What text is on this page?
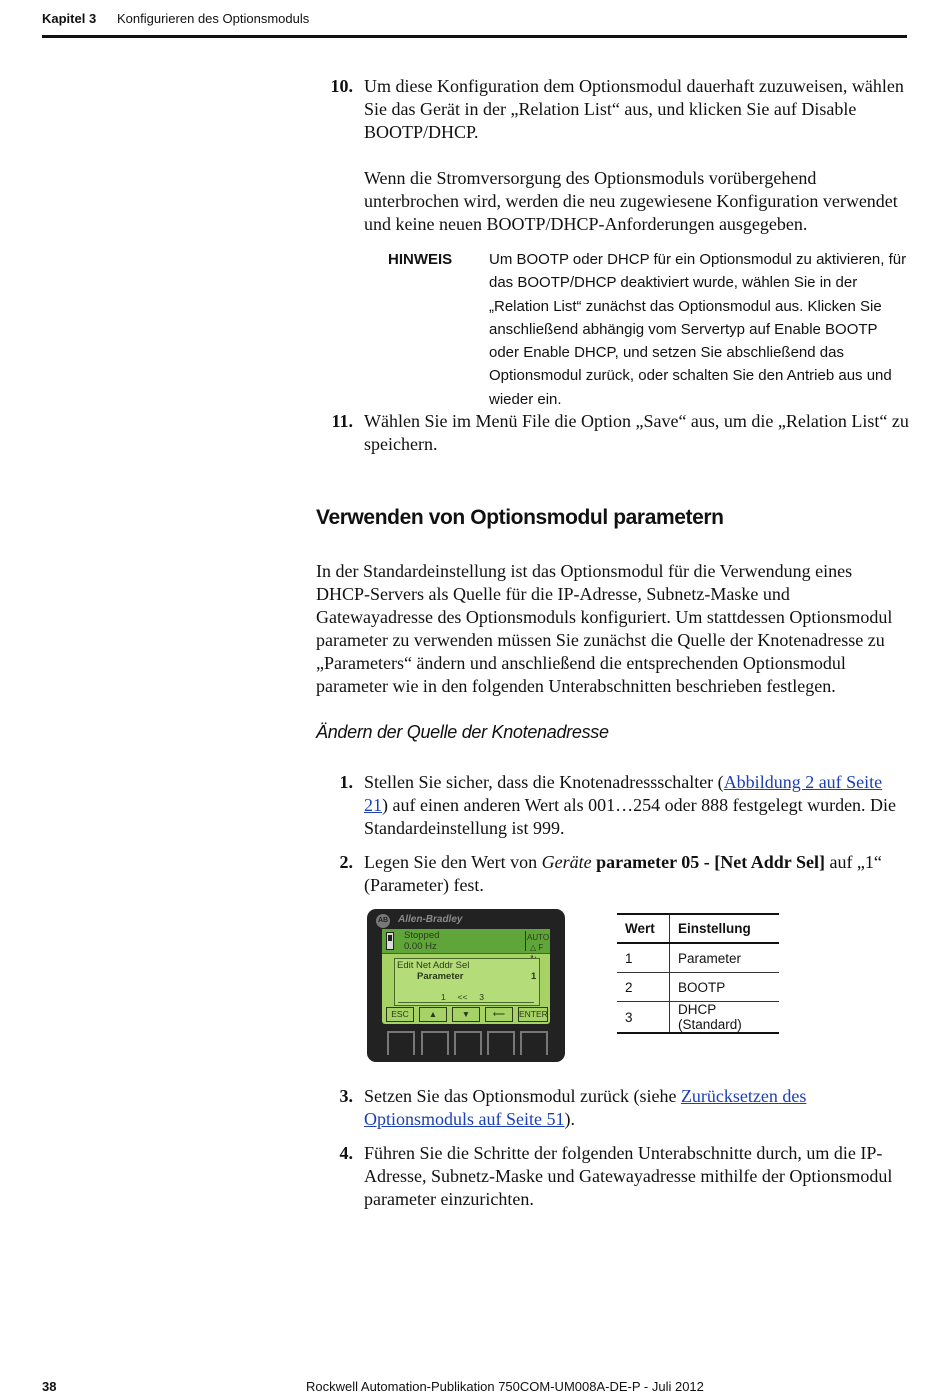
Kapitel 3 Konfigurieren des Optionsmoduls
10. Um diese Konfiguration dem Optionsmodul dauerhaft zuzuweisen, wählen Sie das Gerät in der „Relation List“ aus, und klicken Sie auf Disable BOOTP/DHCP.
Wenn die Stromversorgung des Optionsmoduls vorübergehend unterbrochen wird, werden die neu zugewiesene Konfiguration verwendet und keine neuen BOOTP/DHCP-Anforderungen ausgegeben.
HINWEIS Um BOOTP oder DHCP für ein Optionsmodul zu aktivieren, für das BOOTP/DHCP deaktiviert wurde, wählen Sie in der „Relation List“ zunächst das Optionsmodul aus. Klicken Sie anschließend abhängig vom Servertyp auf Enable BOOTP oder Enable DHCP, und setzen Sie abschließend das Optionsmodul zurück, oder schalten Sie den Antrieb aus und wieder ein.
11. Wählen Sie im Menü File die Option „Save“ aus, um die „Relation List“ zu speichern.
Verwenden von Optionsmodul parametern
In der Standardeinstellung ist das Optionsmodul für die Verwendung eines DHCP-Servers als Quelle für die IP-Adresse, Subnetz-Maske und Gatewayadresse des Optionsmoduls konfiguriert. Um stattdessen Optionsmodul parameter zu verwenden müssen Sie zunächst die Quelle der Knotenadresse zu „Parameters“ ändern und anschließend die entsprechenden Optionsmodul parameter wie in den folgenden Unterabschnitten beschrieben festlegen.
Ändern der Quelle der Knotenadresse
1. Stellen Sie sicher, dass die Knotenadressschalter (Abbildung 2 auf Seite 21) auf einen anderen Wert als 001…254 oder 888 festgelegt wurden. Die Standardeinstellung ist 999.
2. Legen Sie den Wert von Geräte parameter 05 - [Net Addr Sel] auf „1“ (Parameter) fest.
AB Allen-Bradley
Stopped
0.00 Hz
AUTO
△ F
Edit Net Addr Sel
Parameter	1
1     <<     3
ESC	▲	▼	⟵	ENTER
Wert	Einstellung
1	Parameter
2	BOOTP
3	DHCP (Standard)
3. Setzen Sie das Optionsmodul zurück (siehe Zurücksetzen des Optionsmoduls auf Seite 51).
4. Führen Sie die Schritte der folgenden Unterabschnitte durch, um die IP-Adresse, Subnetz-Maske und Gatewayadresse mithilfe der Optionsmodul parameter einzurichten.
38	Rockwell Automation-Publikation 750COM-UM008A-DE-P - Juli 2012
